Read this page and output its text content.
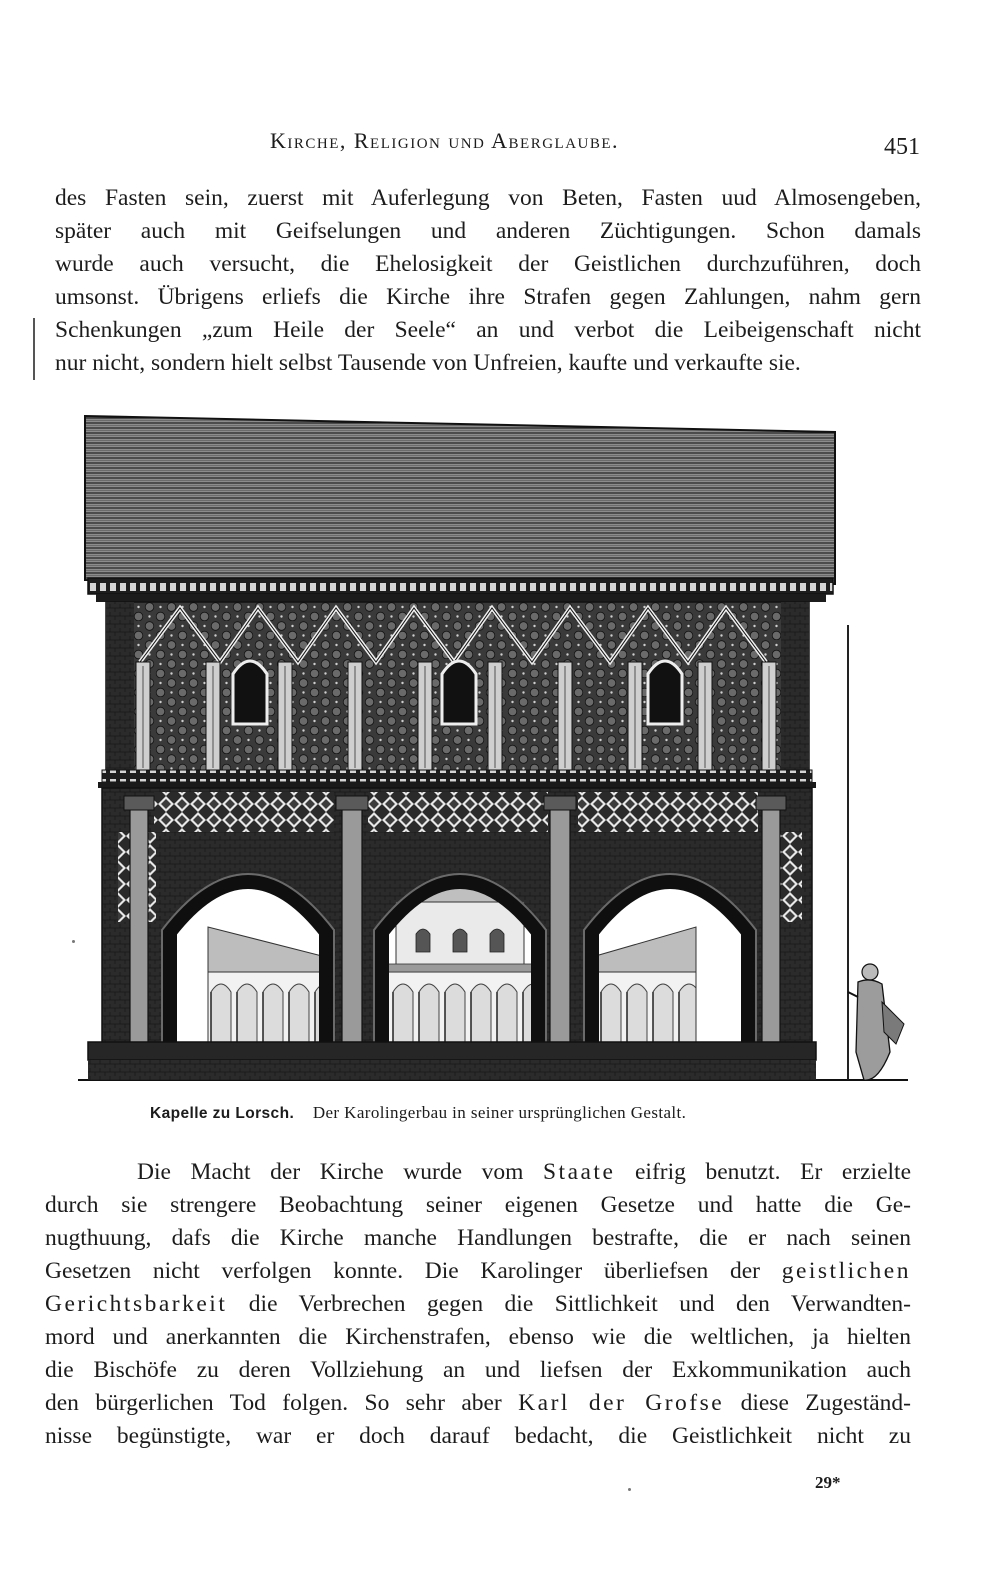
Kirche, Religion und Aberglaube.	451
des Fasten sein, zuerst mit Auferlegung von Beten, Fasten uud Almosengeben,
später auch mit Geifselungen und anderen Züchtigungen. Schon damals
wurde auch versucht, die Ehelosigkeit der Geistlichen durchzuführen, doch
umsonst. Übrigens erliefs die Kirche ihre Strafen gegen Zahlungen, nahm gern
Schenkungen „zum Heile der Seele“ an und verbot die Leibeigenschaft nicht
nur nicht, sondern hielt selbst Tausende von Unfreien, kaufte und verkaufte sie.
Kapelle zu Lorsch. Der Karolingerbau in seiner ursprünglichen Gestalt.
Die Macht der Kirche wurde vom Staate eifrig benutzt. Er erzielte
durch sie strengere Beobachtung seiner eigenen Gesetze und hatte die Ge-
nugthuung, dafs die Kirche manche Handlungen bestrafte, die er nach seinen
Gesetzen nicht verfolgen konnte. Die Karolinger überliefsen der geistlichen
Gerichtsbarkeit die Verbrechen gegen die Sittlichkeit und den Verwandten-
mord und anerkannten die Kirchenstrafen, ebenso wie die weltlichen, ja hielten
die Bischöfe zu deren Vollziehung an und liefsen der Exkommunikation auch
den bürgerlichen Tod folgen. So sehr aber Karl der Grofse diese Zugeständ-
nisse begünstigte, war er doch darauf bedacht, die Geistlichkeit nicht zu
29*
